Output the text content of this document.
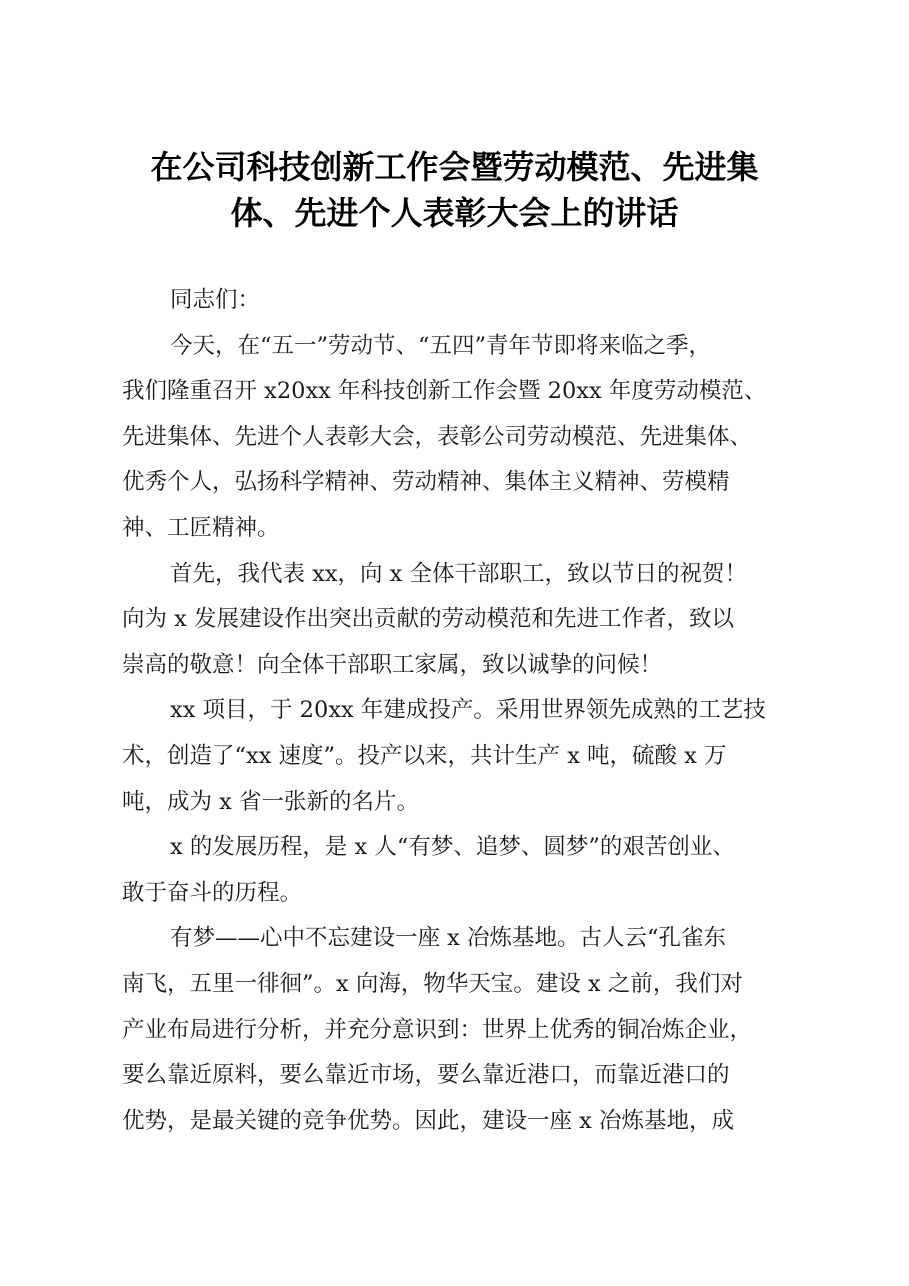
在公司科技创新工作会暨劳动模范、先进集
体、先进个人表彰大会上的讲话
同志们：
今天，在“五一”劳动节、“五四”青年节即将来临之季，
我们隆重召开 x20xx 年科技创新工作会暨 20xx 年度劳动模范、
先进集体、先进个人表彰大会，表彰公司劳动模范、先进集体、
优秀个人，弘扬科学精神、劳动精神、集体主义精神、劳模精
神、工匠精神。
首先，我代表 xx，向 x 全体干部职工，致以节日的祝贺！
向为 x 发展建设作出突出贡献的劳动模范和先进工作者，致以
崇高的敬意！向全体干部职工家属，致以诚挚的问候！
xx 项目，于 20xx 年建成投产。采用世界领先成熟的工艺技
术，创造了“xx 速度”。投产以来，共计生产 x 吨，硫酸 x 万
吨，成为 x 省一张新的名片。
x 的发展历程，是 x 人“有梦、追梦、圆梦”的艰苦创业、
敢于奋斗的历程。
有梦——心中不忘建设一座 x 冶炼基地。古人云“孔雀东
南飞，五里一徘徊”。x 向海，物华天宝。建设 x 之前，我们对
产业布局进行分析，并充分意识到：世界上优秀的铜冶炼企业，
要么靠近原料，要么靠近市场，要么靠近港口，而靠近港口的
优势，是最关键的竞争优势。因此，建设一座 x 冶炼基地，成
